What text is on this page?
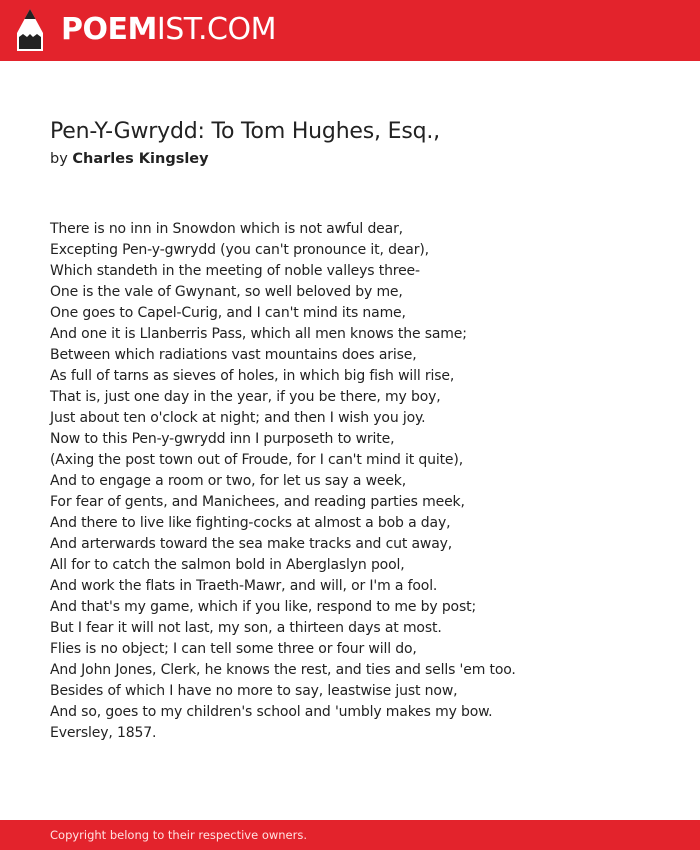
POEMIST.COM
Pen-Y-Gwrydd: To Tom Hughes, Esq.,
by Charles Kingsley
There is no inn in Snowdon which is not awful dear,
Excepting Pen-y-gwrydd (you can't pronounce it, dear),
Which standeth in the meeting of noble valleys three-
One is the vale of Gwynant, so well beloved by me,
One goes to Capel-Curig, and I can't mind its name,
And one it is Llanberris Pass, which all men knows the same;
Between which radiations vast mountains does arise,
As full of tarns as sieves of holes, in which big fish will rise,
That is, just one day in the year, if you be there, my boy,
Just about ten o'clock at night; and then I wish you joy.
Now to this Pen-y-gwrydd inn I purposeth to write,
(Axing the post town out of Froude, for I can't mind it quite),
And to engage a room or two, for let us say a week,
For fear of gents, and Manichees, and reading parties meek,
And there to live like fighting-cocks at almost a bob a day,
And arterwards toward the sea make tracks and cut away,
All for to catch the salmon bold in Aberglaslyn pool,
And work the flats in Traeth-Mawr, and will, or I'm a fool.
And that's my game, which if you like, respond to me by post;
But I fear it will not last, my son, a thirteen days at most.
Flies is no object; I can tell some three or four will do,
And John Jones, Clerk, he knows the rest, and ties and sells 'em too.
Besides of which I have no more to say, leastwise just now,
And so, goes to my children's school and 'umbly makes my bow.
Eversley, 1857.
Copyright belong to their respective owners.
